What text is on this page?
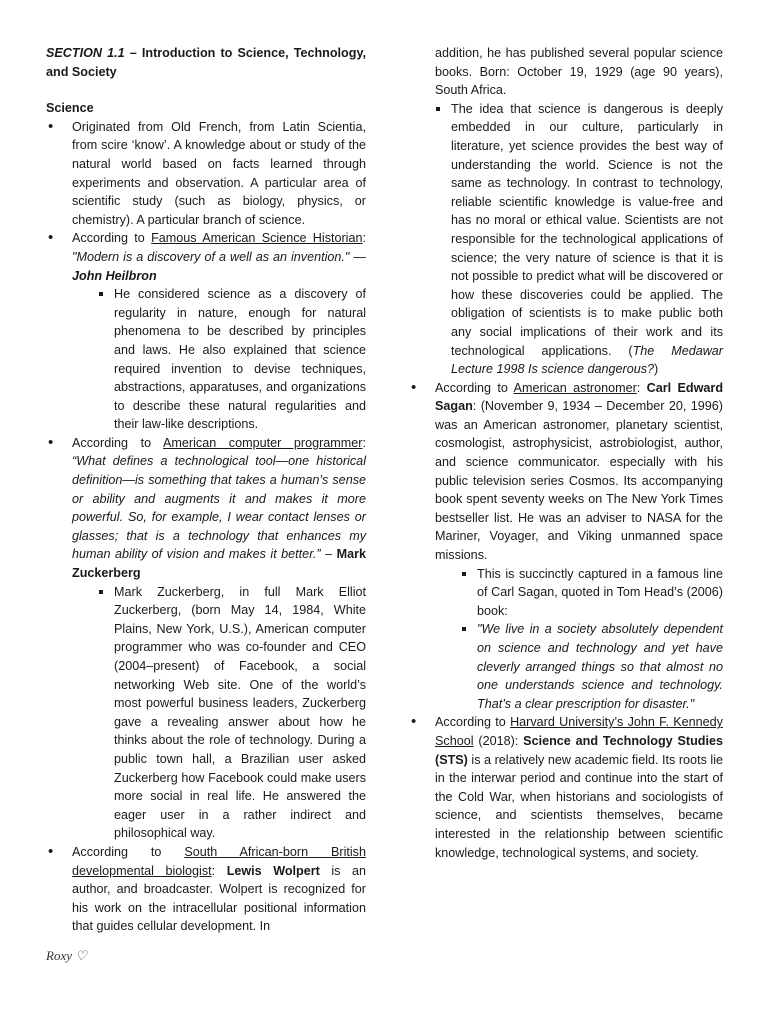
SECTION 1.1 – Introduction to Science, Technology, and Society

Science

• Originated from Old French, from Latin Scientia, from scire ‘know’. A knowledge about or study of the natural world based on facts learned through experiments and observation. A particular area of scientific study (such as biology, physics, or chemistry). A particular branch of science.
• According to Famous American Science Historian: "Modern is a discovery of a well as an invention." —John Heilbron
He considered science as a discovery of regularity in nature, enough for natural phenomena to be described by principles and laws. He also explained that science required invention to devise techniques, abstractions, apparatuses, and organizations to describe these natural regularities and their law-like descriptions.
• According to American computer programmer: “What defines a technological tool—one historical definition—is something that takes a human’s sense or ability and augments it and makes it more powerful. So, for example, I wear contact lenses or glasses; that is a technology that enhances my human ability of vision and makes it better.” – Mark Zuckerberg
Mark Zuckerberg, in full Mark Elliot Zuckerberg, (born May 14, 1984, White Plains, New York, U.S.), American computer programmer who was co-founder and CEO (2004–present) of Facebook, a social networking Web site. One of the world’s most powerful business leaders, Zuckerberg gave a revealing answer about how he thinks about the role of technology. During a public town hall, a Brazilian user asked Zuckerberg how Facebook could make users more social in real life. He answered the eager user in a rather indirect and philosophical way.
• According to South African-born British developmental biologist: Lewis Wolpert is an author, and broadcaster. Wolpert is recognized for his work on the intracellular positional information that guides cellular development. In

addition, he has published several popular science books. Born: October 19, 1929 (age 90 years), South Africa.

The idea that science is dangerous is deeply embedded in our culture, particularly in literature, yet science provides the best way of understanding the world. Science is not the same as technology. In contrast to technology, reliable scientific knowledge is value-free and has no moral or ethical value. Scientists are not responsible for the technological applications of science; the very nature of science is that it is not possible to predict what will be discovered or how these discoveries could be applied. The obligation of scientists is to make public both any social implications of their work and its technological applications. (The Medawar Lecture 1998 Is science dangerous?)
• According to American astronomer: Carl Edward Sagan: (November 9, 1934 – December 20, 1996) was an American astronomer, planetary scientist, cosmologist, astrophysicist, astrobiologist, author, and science communicator. especially with his public television series Cosmos. Its accompanying book spent seventy weeks on The New York Times bestseller list. He was an adviser to NASA for the Mariner, Voyager, and Viking unmanned space missions.
This is succinctly captured in a famous line of Carl Sagan, quoted in Tom Head’s (2006) book:
"We live in a society absolutely dependent on science and technology and yet have cleverly arranged things so that almost no one understands science and technology. That’s a clear prescription for disaster."
• According to Harvard University’s John F. Kennedy School (2018): Science and Technology Studies (STS) is a relatively new academic field. Its roots lie in the interwar period and continue into the start of the Cold War, when historians and sociologists of science, and scientists themselves, became interested in the relationship between scientific knowledge, technological systems, and society.
Roxy ♡
